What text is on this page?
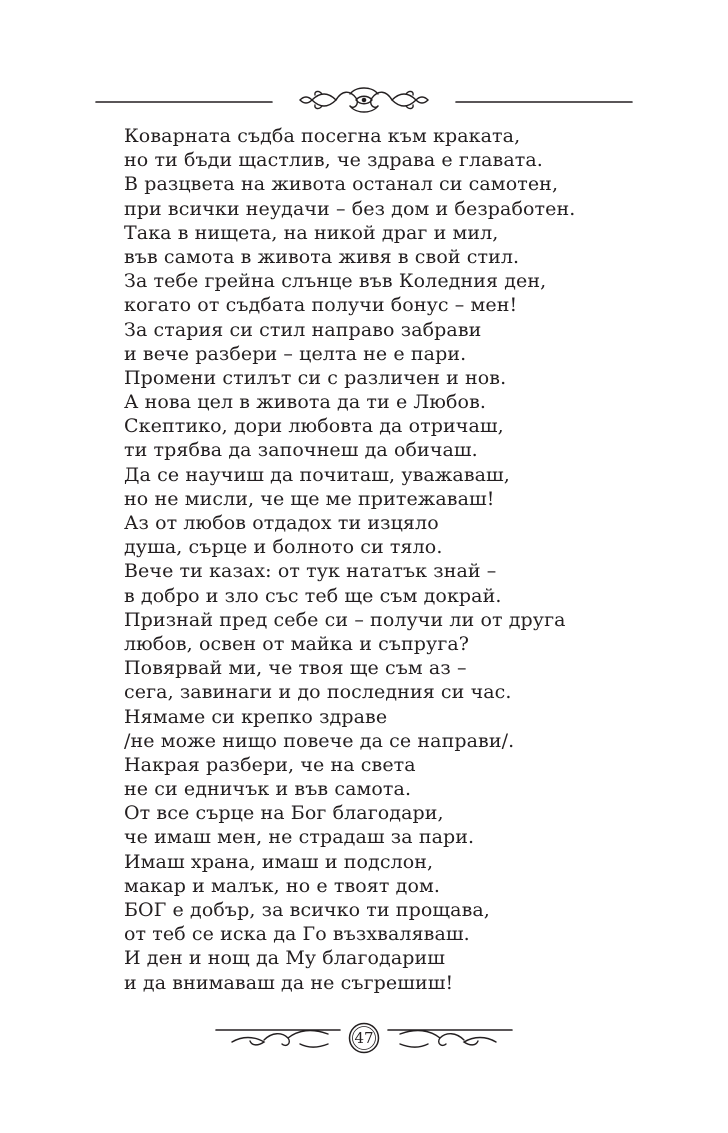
Коварната съдба посегна към краката,
но ти бъди щастлив, че здрава е главата.
В разцвета на живота останал си самотен,
при всички неудачи – без дом и безработен.
Така в нищета, на никой драг и мил,
във самота в живота живя в свой стил.
За тебе грейна слънце във Коледния ден,
когато от съдбата получи бонус – мен!
За стария си стил направо забрави
и вече разбери – целта не е пари.
Промени стилът си с различен и нов.
А нова цел в живота да ти е Любов.
Скептико, дори любовта да отричаш,
ти трябва да започнеш да обичаш.
Да се научиш да почиташ, уважаваш,
но не мисли, че ще ме притежаваш!
Аз от любов отдадох ти изцяло
душа, сърце и болното си тяло.
Вече ти казах: от тук нататък знай –
в добро и зло със теб ще съм докрай.
Признай пред себе си – получи ли от друга
любов, освен от майка и съпруга?
Повярвай ми, че твоя ще съм аз –
сега, завинаги и до последния си час.
Нямаме си крепко здраве
/не може нищо повече да се направи/.
Накрая разбери, че на света
не си едничък и във самота.
От все сърце на Бог благодари,
че имаш мен, не страдаш за пари.
Имаш храна, имаш и подслон,
макар и малък, но е твоят дом.
БОГ е добър, за всичко ти прощава,
от теб се иска да Го възхваляваш.
И ден и нощ да Му благодариш
и да внимаваш да не съгрешиш!
47
